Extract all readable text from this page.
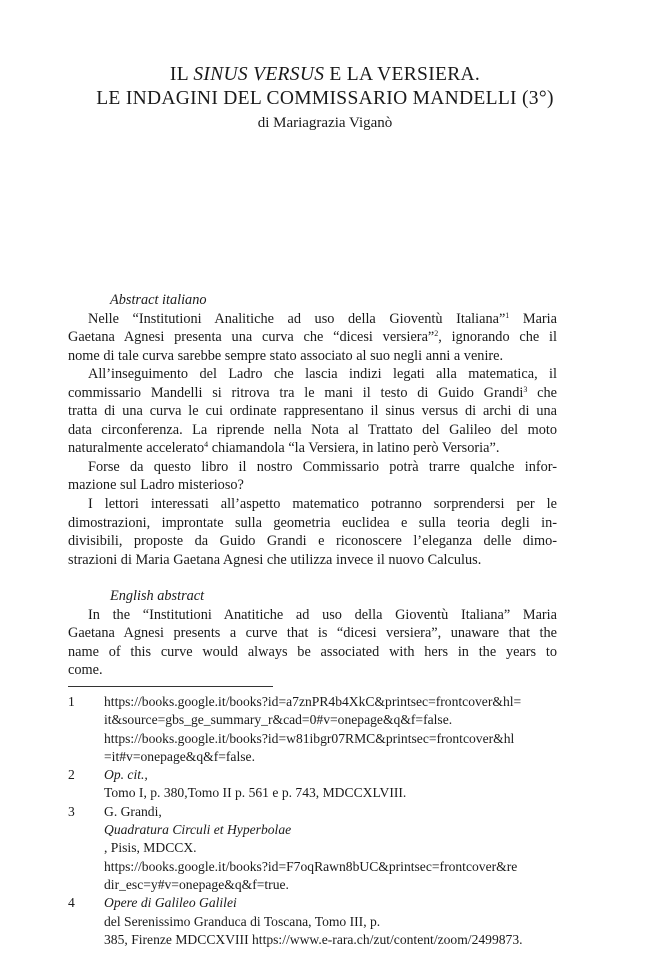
IL SINUS VERSUS E LA VERSIERA.
LE INDAGINI DEL COMMISSARIO MANDELLI (3°)
di Mariagrazia Viganò

Abstract italiano

Nelle “Institutioni Analitiche ad uso della Gioventù Italiana”$^1$ Maria
Gaetana Agnesi presenta una curva che “dicesi versiera”$^2$, ignorando che il
nome di tale curva sarebbe sempre stato associato al suo negli anni a venire.

All’inseguimento del Ladro che lascia indizi legati alla matematica, il
commissario Mandelli si ritrova tra le mani il testo di Guido Grandi$^3$ che
tratta di una curva le cui ordinate rappresentano il sinus versus di archi di una
data circonferenza. La riprende nella Nota al Trattato del Galileo del moto
naturalmente accelerato$^4$ chiamandola “la Versiera, in latino però Versoria”.

Forse da questo libro il nostro Commissario potrà trarre qualche infor-
mazione sul Ladro misterioso?

I lettori interessati all’aspetto matematico potranno sorprendersi per le
dimostrazioni, improntate sulla geometria euclidea e sulla teoria degli in-
divisibili, proposte da Guido Grandi e riconoscere l’eleganza delle dimo-
strazioni di Maria Gaetana Agnesi che utilizza invece il nuovo Calculus.

English abstract

In the “Institutioni Anatitiche ad uso della Gioventù Italiana” Maria
Gaetana Agnesi presents a curve that is “dicesi versiera”, unaware that the
name of this curve would always be associated with hers in the years to
come.

1	https://books.google.it/books?id=a7znPR4b4XkC&printsec=frontcover&hl=
it&source=gbs_ge_summary_r&cad=0#v=onepage&q&f=false.
https://books.google.it/books?id=w81ibgr07RMC&printsec=frontcover&hl
=it#v=onepage&q&f=false.
2	Op. cit.,
Tomo I, p. 380,Tomo II p. 561 e p. 743, MDCCXLVIII.
3	G. Grandi,
Quadratura Circuli et Hyperbolae
, Pisis, MDCCX.
https://books.google.it/books?id=F7oqRawn8bUC&printsec=frontcover&re
dir_esc=y#v=onepage&q&f=true.
4	Opere di Galileo Galilei
del Serenissimo Granduca di Toscana, Tomo III, p.
385, Firenze MDCCXVIII https://www.e-rara.ch/zut/content/zoom/2499873.
